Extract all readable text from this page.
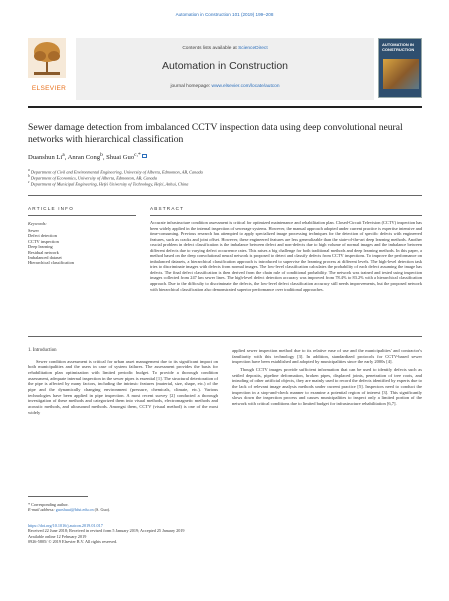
Automation in Construction 101 (2019) 199–208
ELSEVIER
Contents lists available at ScienceDirect
Automation in Construction
journal homepage: www.elsevier.com/locate/autcon
AUTOMATION IN CONSTRUCTION
Sewer damage detection from imbalanced CCTV inspection data using deep convolutional neural networks with hierarchical classification
Duanshun Li$^a$, Anran Cong$^b$, Shuai Guo$^{c,*}$
$^a$ Department of Civil and Environmental Engineering, University of Alberta, Edmonton, AB, Canada
$^b$ Department of Economics, University of Alberta, Edmonton, AB, Canada
$^c$ Department of Municipal Engineering, Hefei University of Technology, Hefei, Anhui, China
ARTICLE INFO	ABSTRACT
Keywords:
Sewer
Defect detection
CCTV inspection
Deep learning
Residual network
Imbalanced dataset
Hierarchical classification
Accurate infrastructure condition assessment is critical for optimized maintenance and rehabilitation plan. Closed-Circuit Television (CCTV) inspection has been widely applied in the internal inspection of sewerage systems. However, the manual approach adopted under current practice is expertise intensive and time-consuming. Previous research has attempted to apply specialized image processing techniques for the detection of specific defects with engineered features, such as cracks and joint offset. However, these engineered features are less generalizable than the state-of-the-art deep learning methods. Another crucial problem in defect classification is the imbalance between defect and non-defects due to high volume of normal images and the imbalance between different defects due to varying defect occurrence rates. This raises a big challenge for both traditional methods and deep learning methods. In this paper, a method based on the deep convolutional neural network is proposed to detect and classify defects from CCTV inspections. To improve the performance on imbalanced datasets, a hierarchical classification approach is introduced to supervise the learning process at different levels. The high-level detection task tries to discriminate images with defects from normal images. The low-level classification calculates the probability of each defect assuming the image has defects. The final defect classification is then derived from the chain rule of conditional probability. The network was trained and tested using inspection images collected from 247 km sewer lines. The high-level defect detection accuracy was improved from 78.4% to 83.2% with a hierarchical classification approach. Due to the difficulty to discriminate the defects, the low-level defect classification accuracy still needs improvements, but the proposed network with hierarchical classification also demonstrated superior performance over traditional approaches.
1. Introduction

Sewer condition assessment is critical for urban asset management due to its significant impact on both municipalities and the users in case of system failures. The assessment provides the basis for rehabilitation plan optimization with limited periodic budget. To provide a thorough condition assessment, adequate internal inspection in the sewer pipes is essential [1]. The structural deterioration of the pipe is affected by many factors, including the intrinsic features (material, size, shape, etc.) of the pipe and the dynamically changing environment (pressure, chemicals, climate, etc.). Various technologies have been applied in pipe inspection. A most recent survey [2] conducted a thorough investigation of these methods and categorized them into visual methods, electromagnetic methods and acoustic methods, and ultrasound methods. Amongst them, CCTV (visual method) is one of the most widely

applied sewer inspection method due to its relative ease of use and the municipalities' and contractor's familiarity with this technology [3]. In addition, standardized protocols for CCTV-based sewer inspection have been established and adopted by municipalities since the early 2000s [4].

Though CCTV images provide sufficient information that can be used to identify defects such as settled deposits, pipeline deformation, broken pipes, displaced joints, penetration of tree roots, and intruding of other artificial objects, they are mainly used to record the defects identified by experts due to the lack of relevant image analysis methods under current practice [5]. Inspectors need to conduct the inspection in a stop-and-check manner to examine a potential region of interest [3]. This significantly slows down the inspection process and causes municipalities to inspect only a limited portion of the network with critical conditions due to limited budget for infrastructure rehabilitation [6,7].

* Corresponding author.
E-mail address: guoshuai@hfut.edu.cn (S. Guo).
https://doi.org/10.1016/j.autcon.2019.01.017
Received 22 June 2018; Received in revised form 5 January 2019; Accepted 25 January 2019
Available online 12 February 2019
0926-5805/ © 2019 Elsevier B.V. All rights reserved.
